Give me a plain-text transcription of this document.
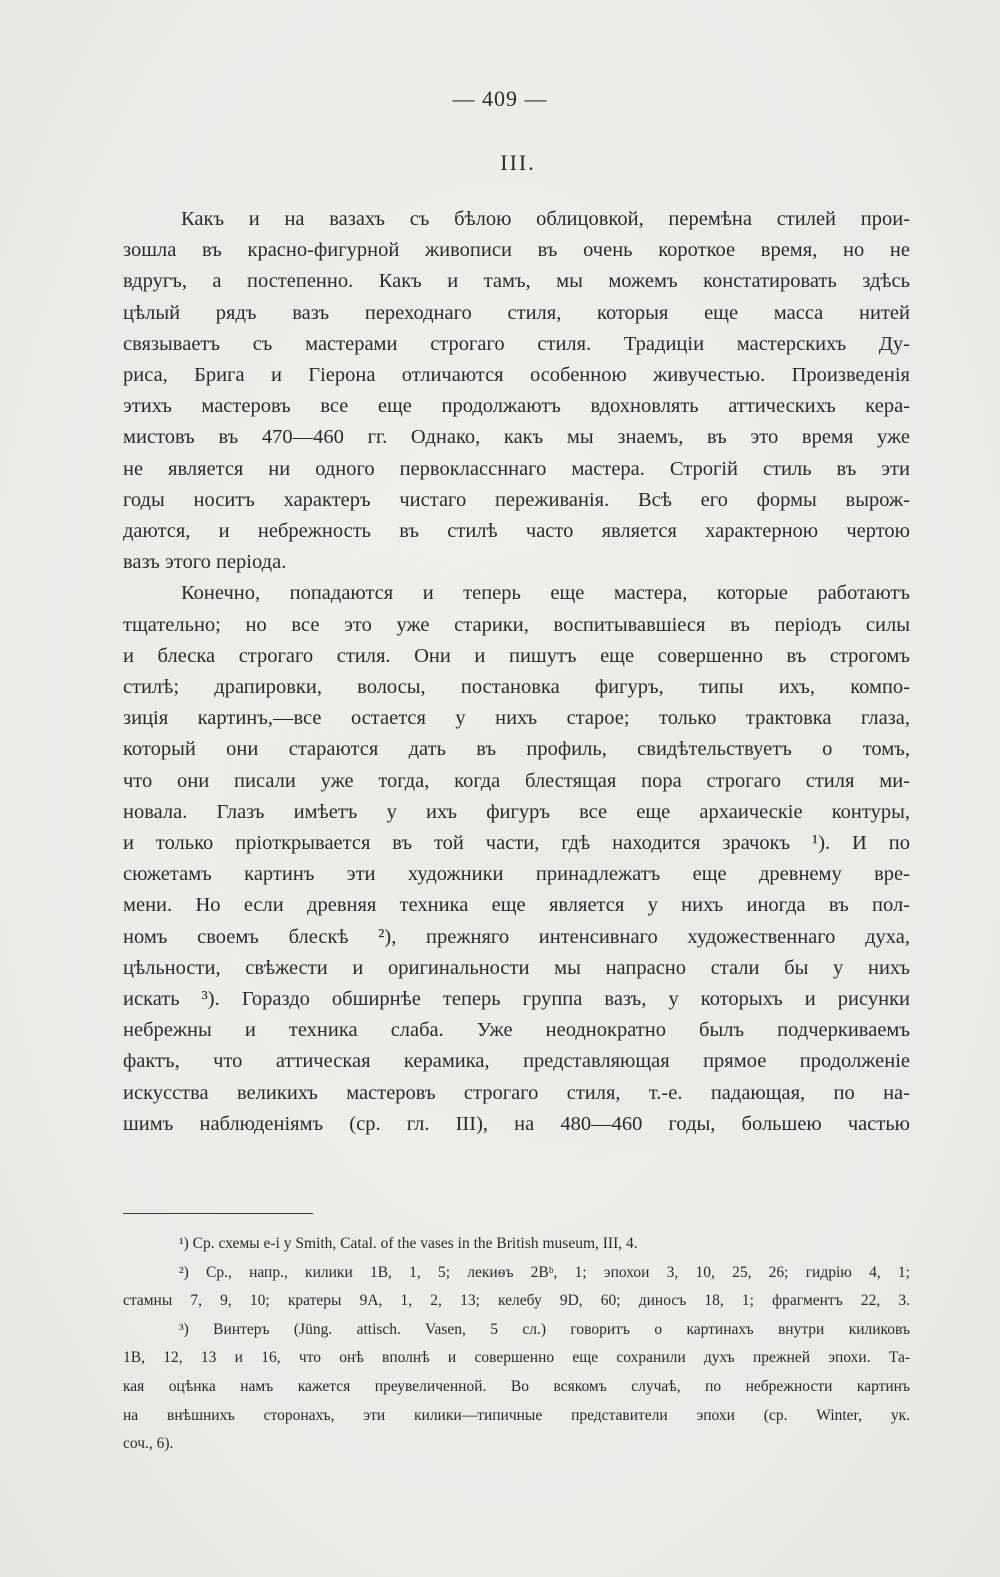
— 409 —
III.
Какъ и на вазахъ съ бѣлою облицовкой, перемѣна стилей прои-
зошла въ красно-фигурной живописи въ очень короткое время, но не
вдругъ, а постепенно. Какъ и тамъ, мы можемъ констатировать здѣсь
цѣлый рядъ вазъ переходнаго стиля, которыя еще масса нитей
связываетъ съ мастерами строгаго стиля. Традиціи мастерскихъ Ду-
риса, Брига и Гіерона отличаются особенною живучестью. Произведенія
этихъ мастеровъ все еще продолжаютъ вдохновлять аттическихъ кера-
мистовъ въ 470—460 гг. Однако, какъ мы знаемъ, въ это время уже
не является ни одного первоклассннаго мастера. Строгій стиль въ эти
годы носитъ характеръ чистаго переживанія. Всѣ его формы вырож-
даются, и небрежность въ стилѣ часто является характерною чертою
вазъ этого періода.
Конечно, попадаются и теперь еще мастера, которые работаютъ
тщательно; но все это уже старики, воспитывавшіеся въ періодъ силы
и блеска строгаго стиля. Они и пишутъ еще совершенно въ строгомъ
стилѣ; драпировки, волосы, постановка фигуръ, типы ихъ, компо-
зиція картинъ,—все остается у нихъ старое; только трактовка глаза,
который они стараются дать въ профиль, свидѣтельствуетъ о томъ,
что они писали уже тогда, когда блестящая пора строгаго стиля ми-
новала. Глазъ имѣетъ у ихъ фигуръ все еще архаическіе контуры,
и только пріоткрывается въ той части, гдѣ находится зрачокъ ¹). И по
сюжетамъ картинъ эти художники принадлежатъ еще древнему вре-
мени. Но если древняя техника еще является у нихъ иногда въ пол-
номъ своемъ блескѣ ²), прежняго интенсивнаго художественнаго духа,
цѣльности, свѣжести и оригинальности мы напрасно стали бы у нихъ
искать ³). Гораздо обширнѣе теперь группа вазъ, у которыхъ и рисунки
небрежны и техника слаба. Уже неоднократно былъ подчеркиваемъ
фактъ, что аттическая керамика, представляющая прямое продолженіе
искусства великихъ мастеровъ строгаго стиля, т.-е. падающая, по на-
шимъ наблюденіямъ (ср. гл. III), на 480—460 годы, большею частью
¹) Ср. схемы e-i у Smith, Catal. of the vases in the British museum, III, 4.
²) Ср., напр., килики 1B, 1, 5; лекиѳъ 2Bᵇ, 1; эпохои 3, 10, 25, 26; гидрію 4, 1;
стамны 7, 9, 10; кратеры 9A, 1, 2, 13; келебу 9D, 60; диносъ 18, 1; фрагментъ 22, 3.
³) Винтеръ (Jüng. attisch. Vasen, 5 сл.) говоритъ о картинахъ внутри киликовъ
1B, 12, 13 и 16, что онѣ вполнѣ и совершенно еще сохранили духъ прежней эпохи. Та-
кая оцѣнка намъ кажется преувеличенной. Во всякомъ случаѣ, по небрежности картинъ
на внѣшнихъ сторонахъ, эти килики—типичные представители эпохи (ср. Winter, ук.
соч., 6).
